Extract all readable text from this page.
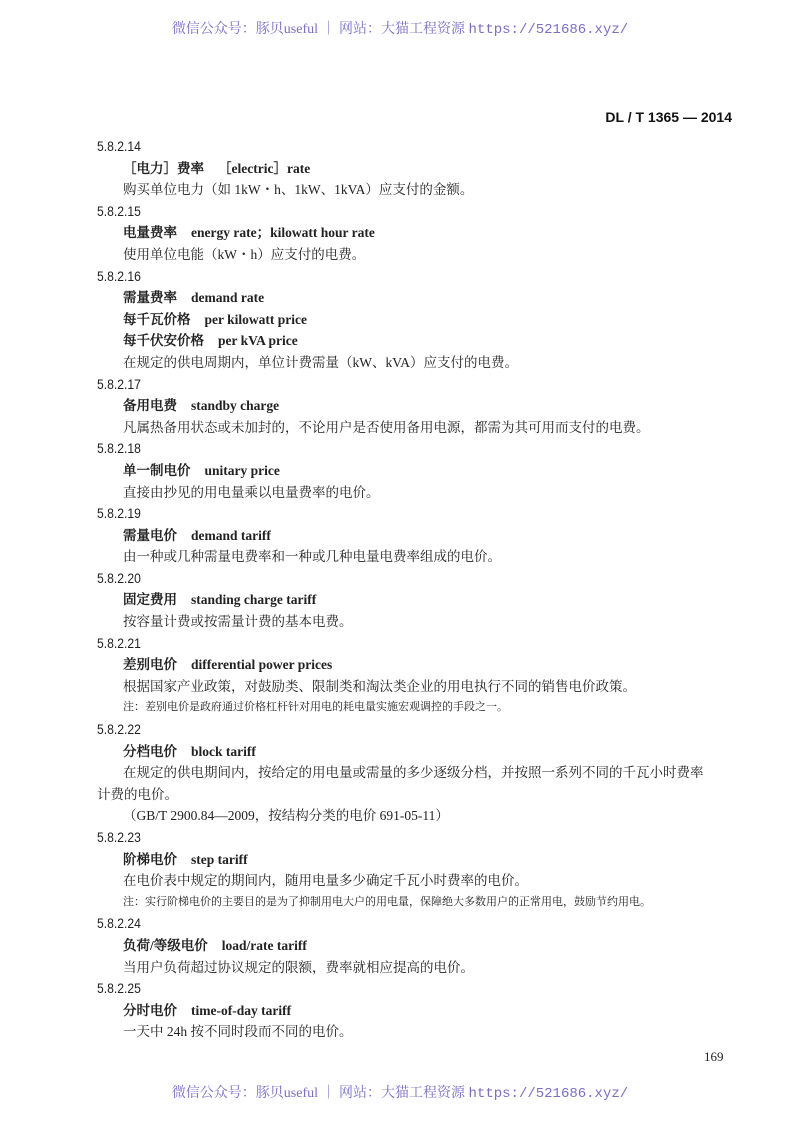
微信公众号：豚贝useful ｜ 网站：大猫工程资源 https://521686.xyz/
DL / T 1365 — 2014
5.8.2.14
［电力］费率 ［electric］rate
购买单位电力（如 1kW・h、1kW、1kVA）应支付的金额。
5.8.2.15
电量费率 energy rate；kilowatt hour rate
使用单位电能（kW・h）应支付的电费。
5.8.2.16
需量费率 demand rate
每千瓦价格 per kilowatt price
每千伏安价格 per kVA price
在规定的供电周期内，单位计费需量（kW、kVA）应支付的电费。
5.8.2.17
备用电费 standby charge
凡属热备用状态或未加封的，不论用户是否使用备用电源，都需为其可用而支付的电费。
5.8.2.18
单一制电价 unitary price
直接由抄见的用电量乘以电量费率的电价。
5.8.2.19
需量电价 demand tariff
由一种或几种需量电费率和一种或几种电量电费率组成的电价。
5.8.2.20
固定费用 standing charge tariff
按容量计费或按需量计费的基本电费。
5.8.2.21
差别电价 differential power prices
根据国家产业政策，对鼓励类、限制类和淘汰类企业的用电执行不同的销售电价政策。
注：差别电价是政府通过价格杠杆针对用电的耗电量实施宏观调控的手段之一。
5.8.2.22
分档电价 block tariff
在规定的供电期间内，按给定的用电量或需量的多少逐级分档，并按照一系列不同的千瓦小时费率计费的电价。
（GB/T 2900.84—2009，按结构分类的电价 691-05-11）
5.8.2.23
阶梯电价 step tariff
在电价表中规定的期间内，随用电量多少确定千瓦小时费率的电价。
注：实行阶梯电价的主要目的是为了抑制用电大户的用电量，保障绝大多数用户的正常用电，鼓励节约用电。
5.8.2.24
负荷/等级电价 load/rate tariff
当用户负荷超过协议规定的限额，费率就相应提高的电价。
5.8.2.25
分时电价 time-of-day tariff
一天中 24h 按不同时段而不同的电价。
169
微信公众号：豚贝useful ｜ 网站：大猫工程资源 https://521686.xyz/
